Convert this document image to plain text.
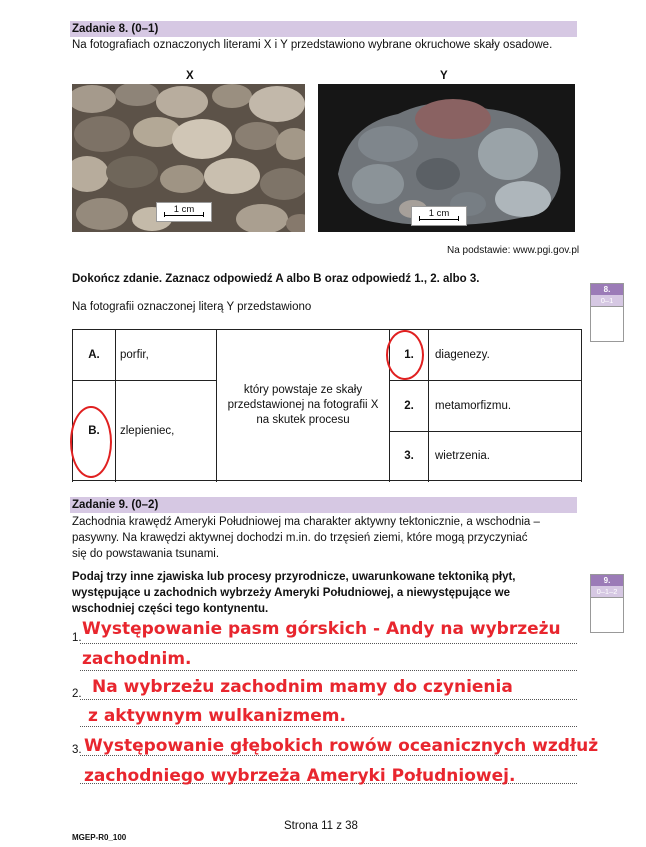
Zadanie 8. (0–1)
Na fotografiach oznaczonych literami X i Y przedstawiono wybrane okruchowe skały osadowe.
X	Y
1 cm	1 cm
Na podstawie: www.pgi.gov.pl
Dokończ zdanie. Zaznacz odpowiedź A albo B oraz odpowiedź 1., 2. albo 3.
Na fotografii oznaczonej literą Y przedstawiono
8.
0–1
A.	porfir,	który powstaje ze skały przedstawionej na fotografii X na skutek procesu	1.	diagenezy.

B.	zlepieniec,		2.	metamorfizmu.

			3.	wietrzenia.

Zadanie 9. (0–2)
Zachodnia krawędź Ameryki Południowej ma charakter aktywny tektonicznie, a wschodnia –
pasywny. Na krawędzi aktywnej dochodzi m.in. do trzęsień ziemi, które mogą przyczyniać
się do powstawania tsunami.
Podaj trzy inne zjawiska lub procesy przyrodnicze, uwarunkowane tektoniką płyt,
występujące u zachodnich wybrzeży Ameryki Południowej, a niewystępujące we
wschodniej części tego kontynentu.
9.
0–1–2
1. Występowanie pasm górskich - Andy na wybrzeżu
zachodnim.
2. Na wybrzeżu zachodnim mamy do czynienia
z aktywnym wulkanizmem.
3. Występowanie głębokich rowów oceanicznych wzdłuż
zachodniego wybrzeża Ameryki Południowej.
Strona 11 z 38
MGEP-R0_100
